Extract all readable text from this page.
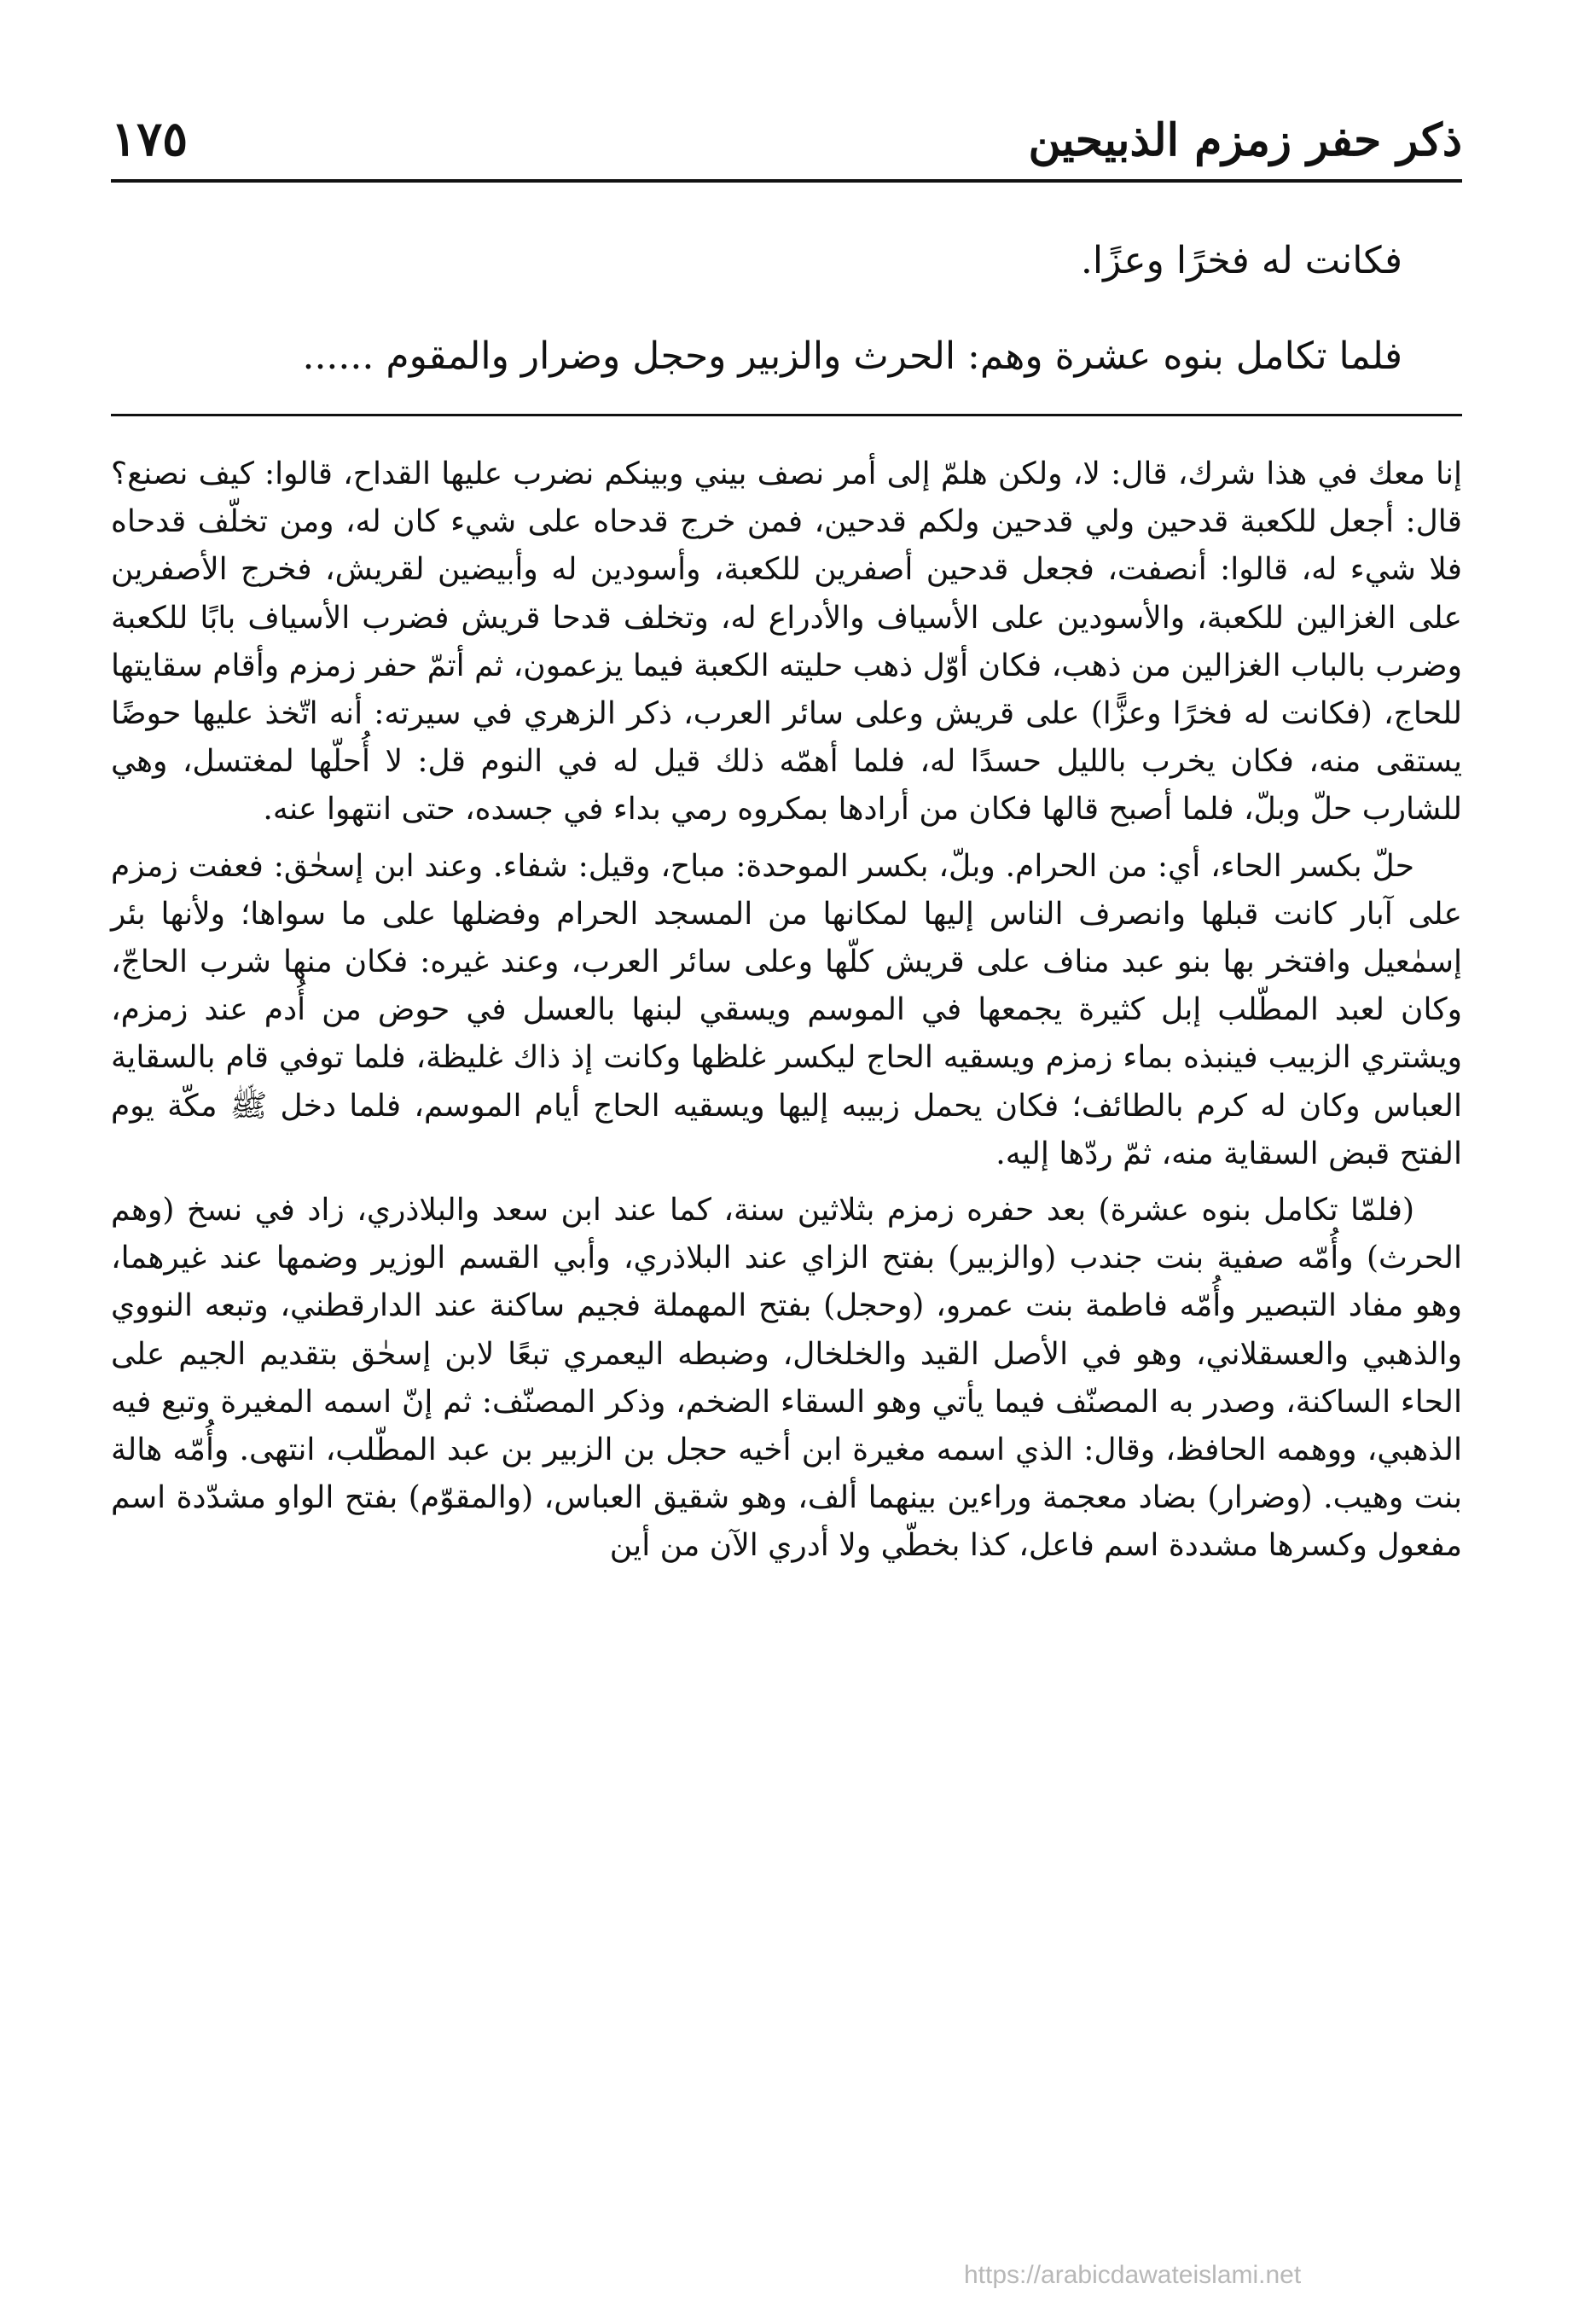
ذكر حفر زمزم الذبيحين
١٧٥

فكانت له فخرًا وعزًا.

فلما تكامل بنوه عشرة وهم: الحرث والزبير وحجل وضرار والمقوم ......

إنا معك في هذا شرك، قال: لا، ولكن هلمّ إلى أمر نصف بيني وبينكم نضرب عليها القداح، قالوا: كيف نصنع؟ قال: أجعل للكعبة قدحين ولي قدحين ولكم قدحين، فمن خرج قدحاه على شيء كان له، ومن تخلّف قدحاه فلا شيء له، قالوا: أنصفت، فجعل قدحين أصفرين للكعبة، وأسودين له وأبيضين لقريش، فخرج الأصفرين على الغزالين للكعبة، والأسودين على الأسياف والأدراع له، وتخلف قدحا قريش فضرب الأسياف بابًا للكعبة وضرب بالباب الغزالين من ذهب، فكان أوّل ذهب حليته الكعبة فيما يزعمون، ثم أتمّ حفر زمزم وأقام سقايتها للحاج، (فكانت له فخرًا وعزًّا) على قريش وعلى سائر العرب، ذكر الزهري في سيرته: أنه اتّخذ عليها حوضًا يستقى منه، فكان يخرب بالليل حسدًا له، فلما أهمّه ذلك قيل له في النوم قل: لا أُحلّها لمغتسل، وهي للشارب حلّ وبلّ، فلما أصبح قالها فكان من أرادها بمكروه رمي بداء في جسده، حتى انتهوا عنه.

حلّ بكسر الحاء، أي: من الحرام. وبلّ، بكسر الموحدة: مباح، وقيل: شفاء. وعند ابن إسحٰق: فعفت زمزم على آبار كانت قبلها وانصرف الناس إليها لمكانها من المسجد الحرام وفضلها على ما سواها؛ ولأنها بئر إسمٰعيل وافتخر بها بنو عبد مناف على قريش كلّها وعلى سائر العرب، وعند غيره: فكان منها شرب الحاجّ، وكان لعبد المطّلب إبل كثيرة يجمعها في الموسم ويسقي لبنها بالعسل في حوض من أُدم عند زمزم، ويشتري الزبيب فينبذه بماء زمزم ويسقيه الحاج ليكسر غلظها وكانت إذ ذاك غليظة، فلما توفي قام بالسقاية العباس وكان له كرم بالطائف؛ فكان يحمل زبيبه إليها ويسقيه الحاج أيام الموسم، فلما دخل ﷺ مكّة يوم الفتح قبض السقاية منه، ثمّ ردّها إليه.

(فلمّا تكامل بنوه عشرة) بعد حفره زمزم بثلاثين سنة، كما عند ابن سعد والبلاذري، زاد في نسخ (وهم الحرث) وأُمّه صفية بنت جندب (والزبير) بفتح الزاي عند البلاذري، وأبي القسم الوزير وضمها عند غيرهما، وهو مفاد التبصير وأُمّه فاطمة بنت عمرو، (وحجل) بفتح المهملة فجيم ساكنة عند الدارقطني، وتبعه النووي والذهبي والعسقلاني، وهو في الأصل القيد والخلخال، وضبطه اليعمري تبعًا لابن إسحٰق بتقديم الجيم على الحاء الساكنة، وصدر به المصنّف فيما يأتي وهو السقاء الضخم، وذكر المصنّف: ثم إنّ اسمه المغيرة وتبع فيه الذهبي، ووهمه الحافظ، وقال: الذي اسمه مغيرة ابن أخيه حجل بن الزبير بن عبد المطّلب، انتهى. وأُمّه هالة بنت وهيب. (وضرار) بضاد معجمة وراءين بينهما ألف، وهو شقيق العباس، (والمقوّم) بفتح الواو مشدّدة اسم مفعول وكسرها مشددة اسم فاعل، كذا بخطّي ولا أدري الآن من أين

https://arabicdawateislami.net
